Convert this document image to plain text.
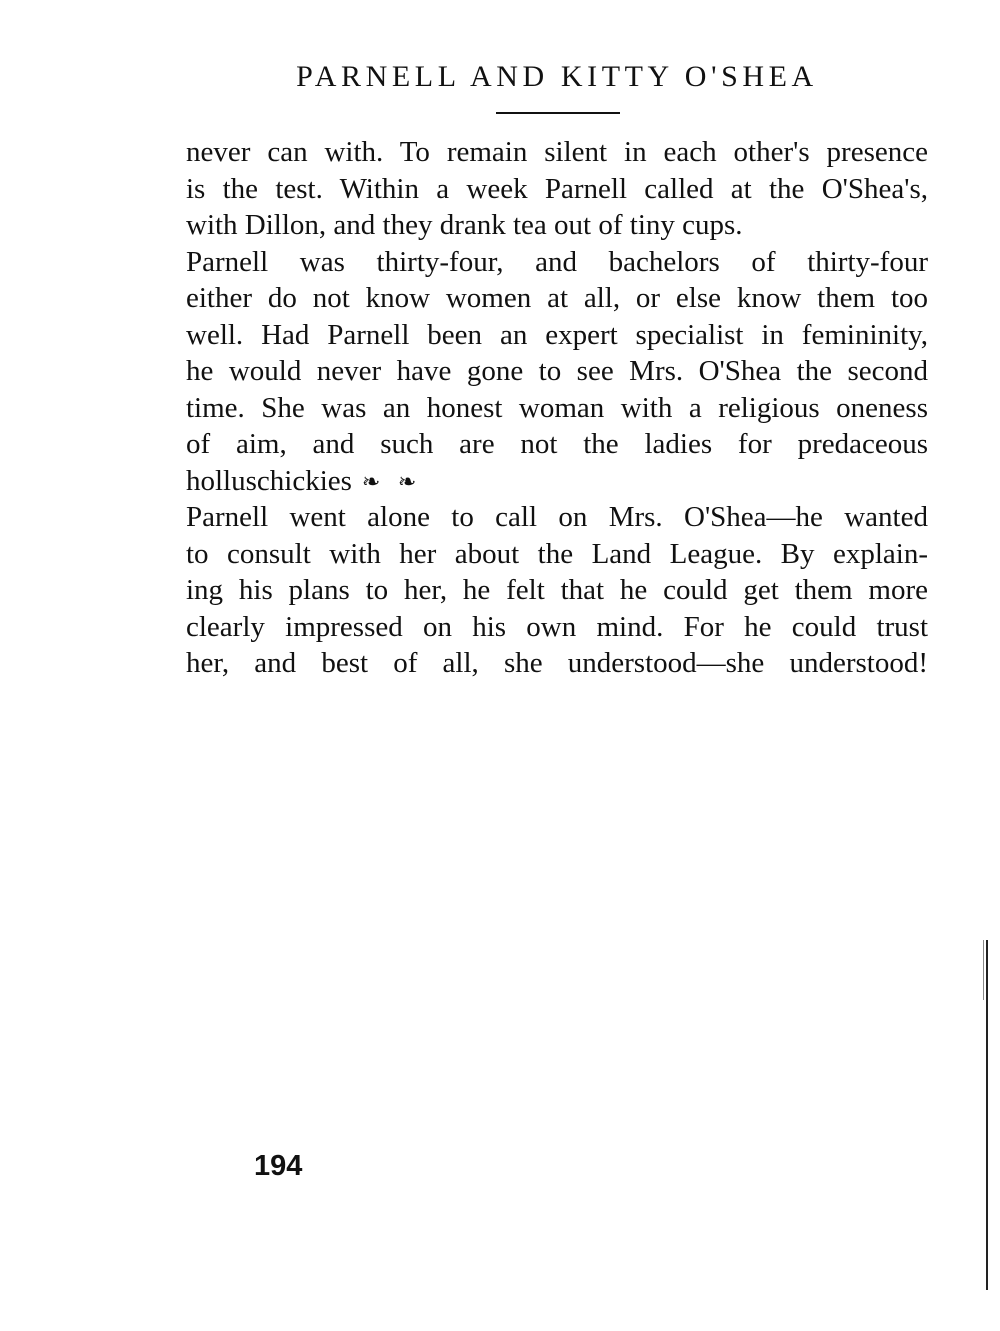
PARNELL AND KITTY O'SHEA
never can with. To remain silent in each other's presence
is the test. Within a week Parnell called at the O'Shea's,
with Dillon, and they drank tea out of tiny cups.
Parnell was thirty-four, and bachelors of thirty-four
either do not know women at all, or else know them too
well. Had Parnell been an expert specialist in femininity,
he would never have gone to see Mrs. O'Shea the second
time. She was an honest woman with a religious oneness
of aim, and such are not the ladies for predaceous
holluschickies ❧ ❧
Parnell went alone to call on Mrs. O'Shea—he wanted
to consult with her about the Land League. By explain-
ing his plans to her, he felt that he could get them more
clearly impressed on his own mind. For he could trust
her, and best of all, she understood—she understood!
194
